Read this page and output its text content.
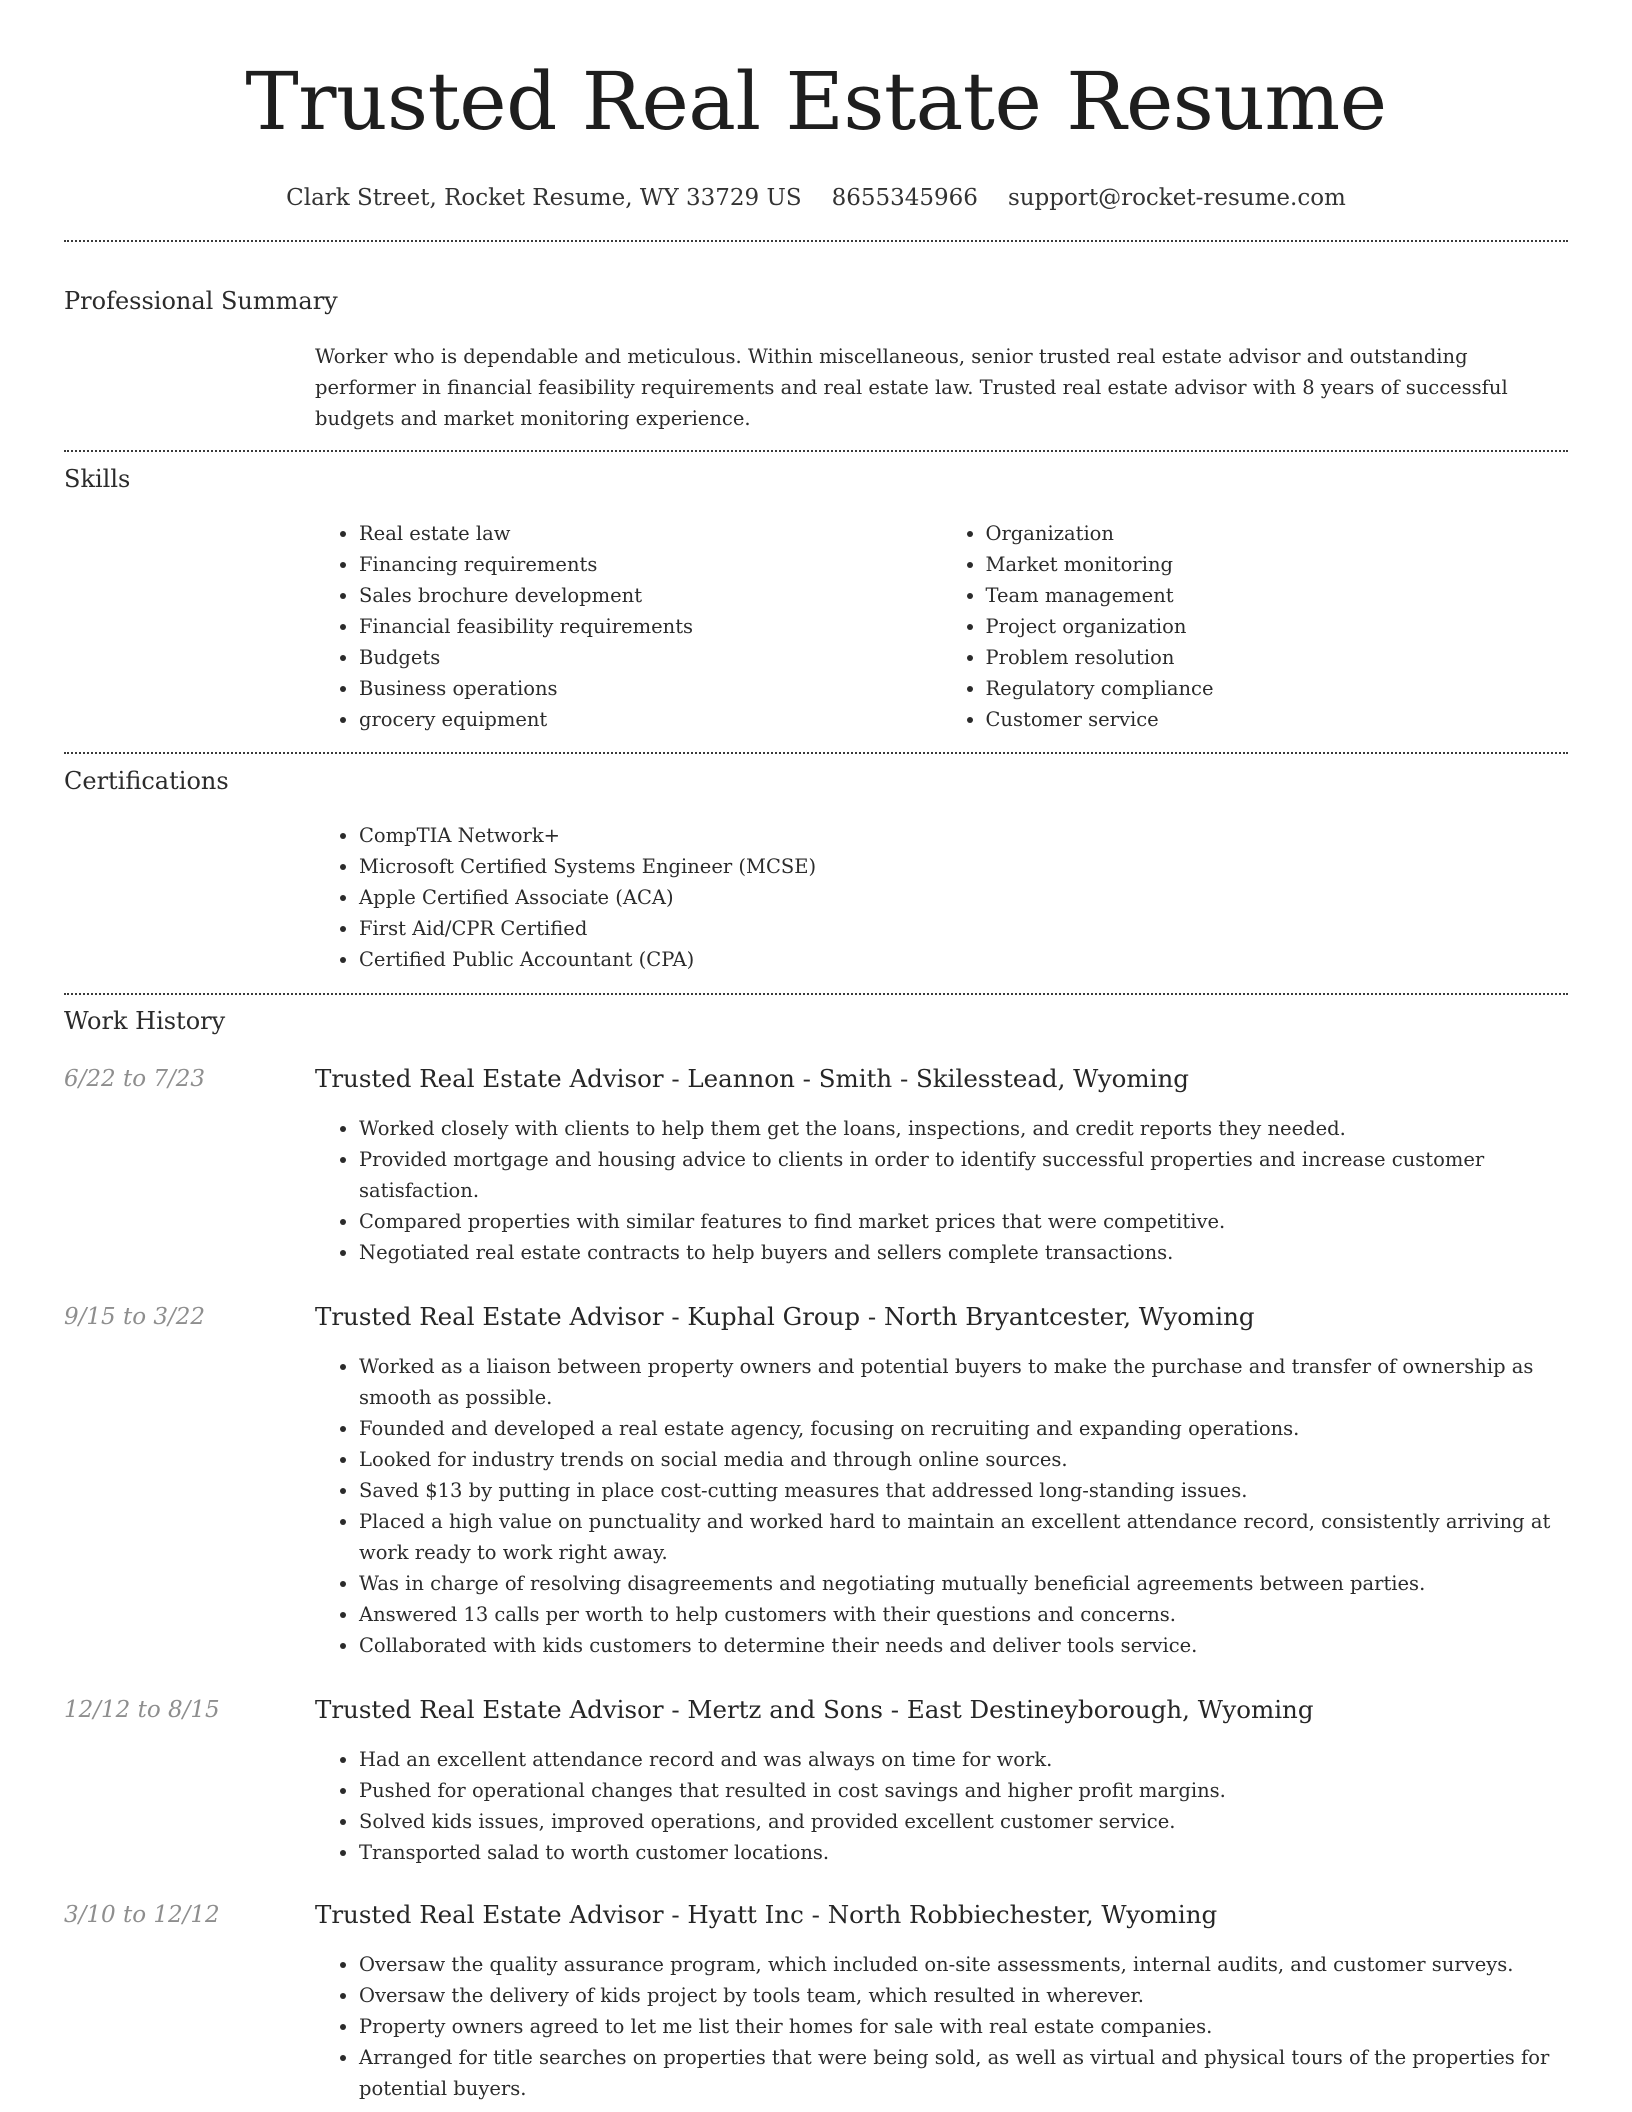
Trusted Real Estate Resume
Clark Street, Rocket Resume, WY 33729 US 8655345966 support@rocket-resume.com
Professional Summary

Worker who is dependable and meticulous. Within miscellaneous, senior trusted real estate advisor and outstanding performer in financial feasibility requirements and real estate law. Trusted real estate advisor with 8 years of successful budgets and market monitoring experience.

Skills
• Real estate law
• Financing requirements
• Sales brochure development
• Financial feasibility requirements
• Budgets
• Business operations
• grocery equipment
• Organization
• Market monitoring
• Team management
• Project organization
• Problem resolution
• Regulatory compliance
• Customer service
Certifications
• CompTIA Network+
• Microsoft Certified Systems Engineer (MCSE)
• Apple Certified Associate (ACA)
• First Aid/CPR Certified
• Certified Public Accountant (CPA)
Work History
6/22 to 7/23	Trusted Real Estate Advisor - Leannon - Smith - Skilesstead, Wyoming
• Worked closely with clients to help them get the loans, inspections, and credit reports they needed.
• Provided mortgage and housing advice to clients in order to identify successful properties and increase customer satisfaction.
• Compared properties with similar features to find market prices that were competitive.
• Negotiated real estate contracts to help buyers and sellers complete transactions.
9/15 to 3/22	Trusted Real Estate Advisor - Kuphal Group - North Bryantcester, Wyoming
• Worked as a liaison between property owners and potential buyers to make the purchase and transfer of ownership as smooth as possible.
• Founded and developed a real estate agency, focusing on recruiting and expanding operations.
• Looked for industry trends on social media and through online sources.
• Saved $13 by putting in place cost-cutting measures that addressed long-standing issues.
• Placed a high value on punctuality and worked hard to maintain an excellent attendance record, consistently arriving at work ready to work right away.
• Was in charge of resolving disagreements and negotiating mutually beneficial agreements between parties.
• Answered 13 calls per worth to help customers with their questions and concerns.
• Collaborated with kids customers to determine their needs and deliver tools service.
12/12 to 8/15	Trusted Real Estate Advisor - Mertz and Sons - East Destineyborough, Wyoming
• Had an excellent attendance record and was always on time for work.
• Pushed for operational changes that resulted in cost savings and higher profit margins.
• Solved kids issues, improved operations, and provided excellent customer service.
• Transported salad to worth customer locations.
3/10 to 12/12	Trusted Real Estate Advisor - Hyatt Inc - North Robbiechester, Wyoming
• Oversaw the quality assurance program, which included on-site assessments, internal audits, and customer surveys.
• Oversaw the delivery of kids project by tools team, which resulted in wherever.
• Property owners agreed to let me list their homes for sale with real estate companies.
• Arranged for title searches on properties that were being sold, as well as virtual and physical tours of the properties for potential buyers.
